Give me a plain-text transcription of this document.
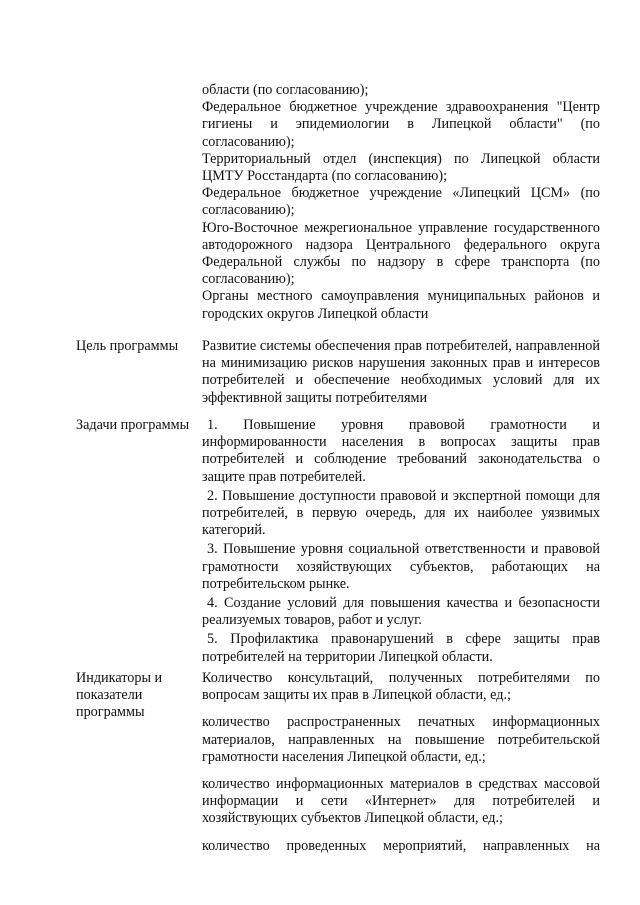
области (по согласованию);

Федеральное бюджетное учреждение здравоохранения "Центр гигиены и эпидемиологии в Липецкой области" (по согласованию);

Территориальный отдел (инспекция) по Липецкой области ЦМТУ Росстандарта (по согласованию);

Федеральное бюджетное учреждение «Липецкий ЦСМ» (по согласованию);

Юго-Восточное межрегиональное управление государственного автодорожного надзора Центрального федерального округа Федеральной службы по надзору в сфере транспорта (по согласованию);

Органы местного самоуправления муниципальных районов и городских округов Липецкой области

Цель программы	Развитие системы обеспечения прав потребителей, направленной на минимизацию рисков нарушения законных прав и интересов потребителей и обеспечение необходимых условий для их эффективной защиты потребителями

Задачи программы	1. Повышение уровня правовой грамотности и информированности населения в вопросах защиты прав потребителей и соблюдение требований законодательства о защите прав потребителей.

2. Повышение доступности правовой и экспертной помощи для потребителей, в первую очередь, для их наиболее уязвимых категорий.

3. Повышение уровня социальной ответственности и правовой грамотности хозяйствующих субъектов, работающих на потребительском рынке.

4. Создание условий для повышения качества и безопасности реализуемых товаров, работ и услуг.

5. Профилактика правонарушений в сфере защиты прав потребителей на территории Липецкой области.

Индикаторы и показатели программы

Количество консультаций, полученных потребителями по вопросам защиты их прав в Липецкой области, ед.;

количество распространенных печатных информационных материалов, направленных на повышение потребительской грамотности населения Липецкой области, ед.;

количество информационных материалов в средствах массовой информации и сети «Интернет» для потребителей и хозяйствующих субъектов Липецкой области, ед.;

количество проведенных мероприятий, направленных на
